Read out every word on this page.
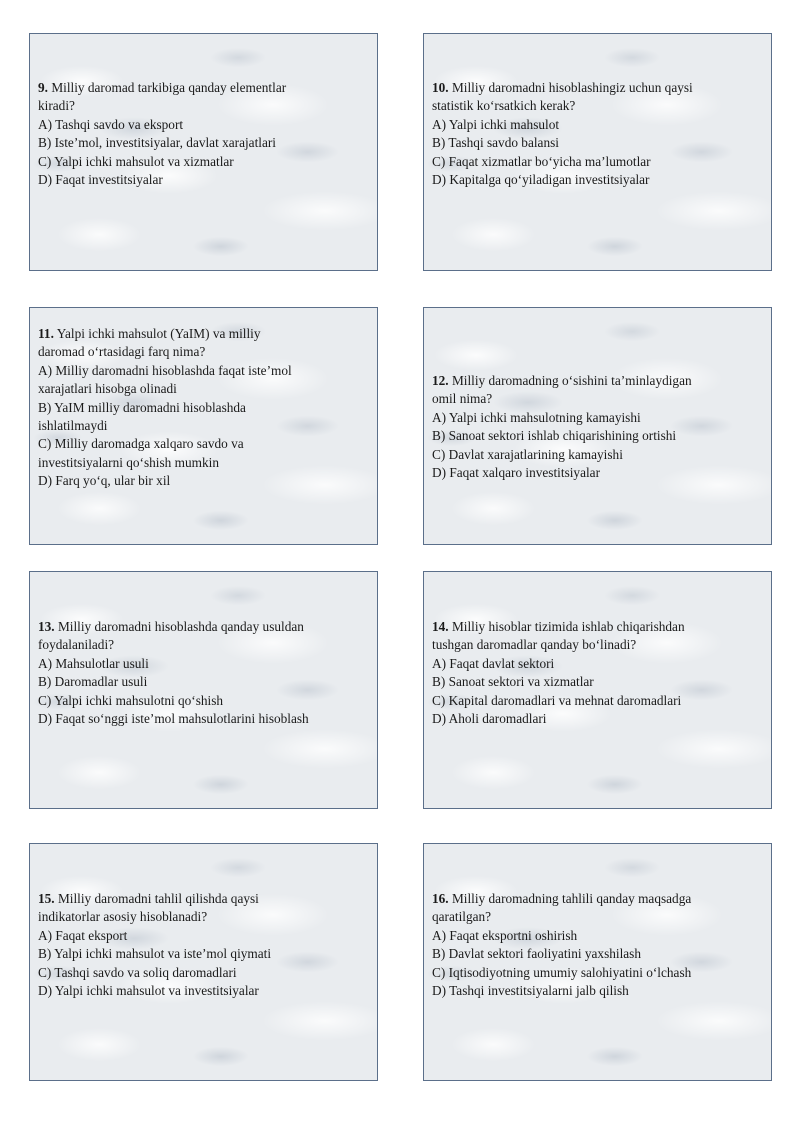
9. Milliy daromad tarkibiga qanday elementlar
kiradi?
A) Tashqi savdo va eksport
B) Iste’mol, investitsiyalar, davlat xarajatlari
C) Yalpi ichki mahsulot va xizmatlar
D) Faqat investitsiyalar
10. Milliy daromadni hisoblashingiz uchun qaysi
statistik ko‘rsatkich kerak?
A) Yalpi ichki mahsulot
B) Tashqi savdo balansi
C) Faqat xizmatlar bo‘yicha ma’lumotlar
D) Kapitalga qo‘yiladigan investitsiyalar
11. Yalpi ichki mahsulot (YaIM) va milliy
daromad o‘rtasidagi farq nima?
A) Milliy daromadni hisoblashda faqat iste’mol
xarajatlari hisobga olinadi
B) YaIM milliy daromadni hisoblashda
ishlatilmaydi
C) Milliy daromadga xalqaro savdo va
investitsiyalarni qo‘shish mumkin
D) Farq yo‘q, ular bir xil
12. Milliy daromadning o‘sishini ta’minlaydigan
omil nima?
A) Yalpi ichki mahsulotning kamayishi
B) Sanoat sektori ishlab chiqarishining ortishi
C) Davlat xarajatlarining kamayishi
D) Faqat xalqaro investitsiyalar
13. Milliy daromadni hisoblashda qanday usuldan
foydalaniladi?
A) Mahsulotlar usuli
B) Daromadlar usuli
C) Yalpi ichki mahsulotni qo‘shish
D) Faqat so‘nggi iste’mol mahsulotlarini hisoblash
14. Milliy hisoblar tizimida ishlab chiqarishdan
tushgan daromadlar qanday bo‘linadi?
A) Faqat davlat sektori
B) Sanoat sektori va xizmatlar
C) Kapital daromadlari va mehnat daromadlari
D) Aholi daromadlari
15. Milliy daromadni tahlil qilishda qaysi
indikatorlar asosiy hisoblanadi?
A) Faqat eksport
B) Yalpi ichki mahsulot va iste’mol qiymati
C) Tashqi savdo va soliq daromadlari
D) Yalpi ichki mahsulot va investitsiyalar
16. Milliy daromadning tahlili qanday maqsadga
qaratilgan?
A) Faqat eksportni oshirish
B) Davlat sektori faoliyatini yaxshilash
C) Iqtisodiyotning umumiy salohiyatini o‘lchash
D) Tashqi investitsiyalarni jalb qilish
